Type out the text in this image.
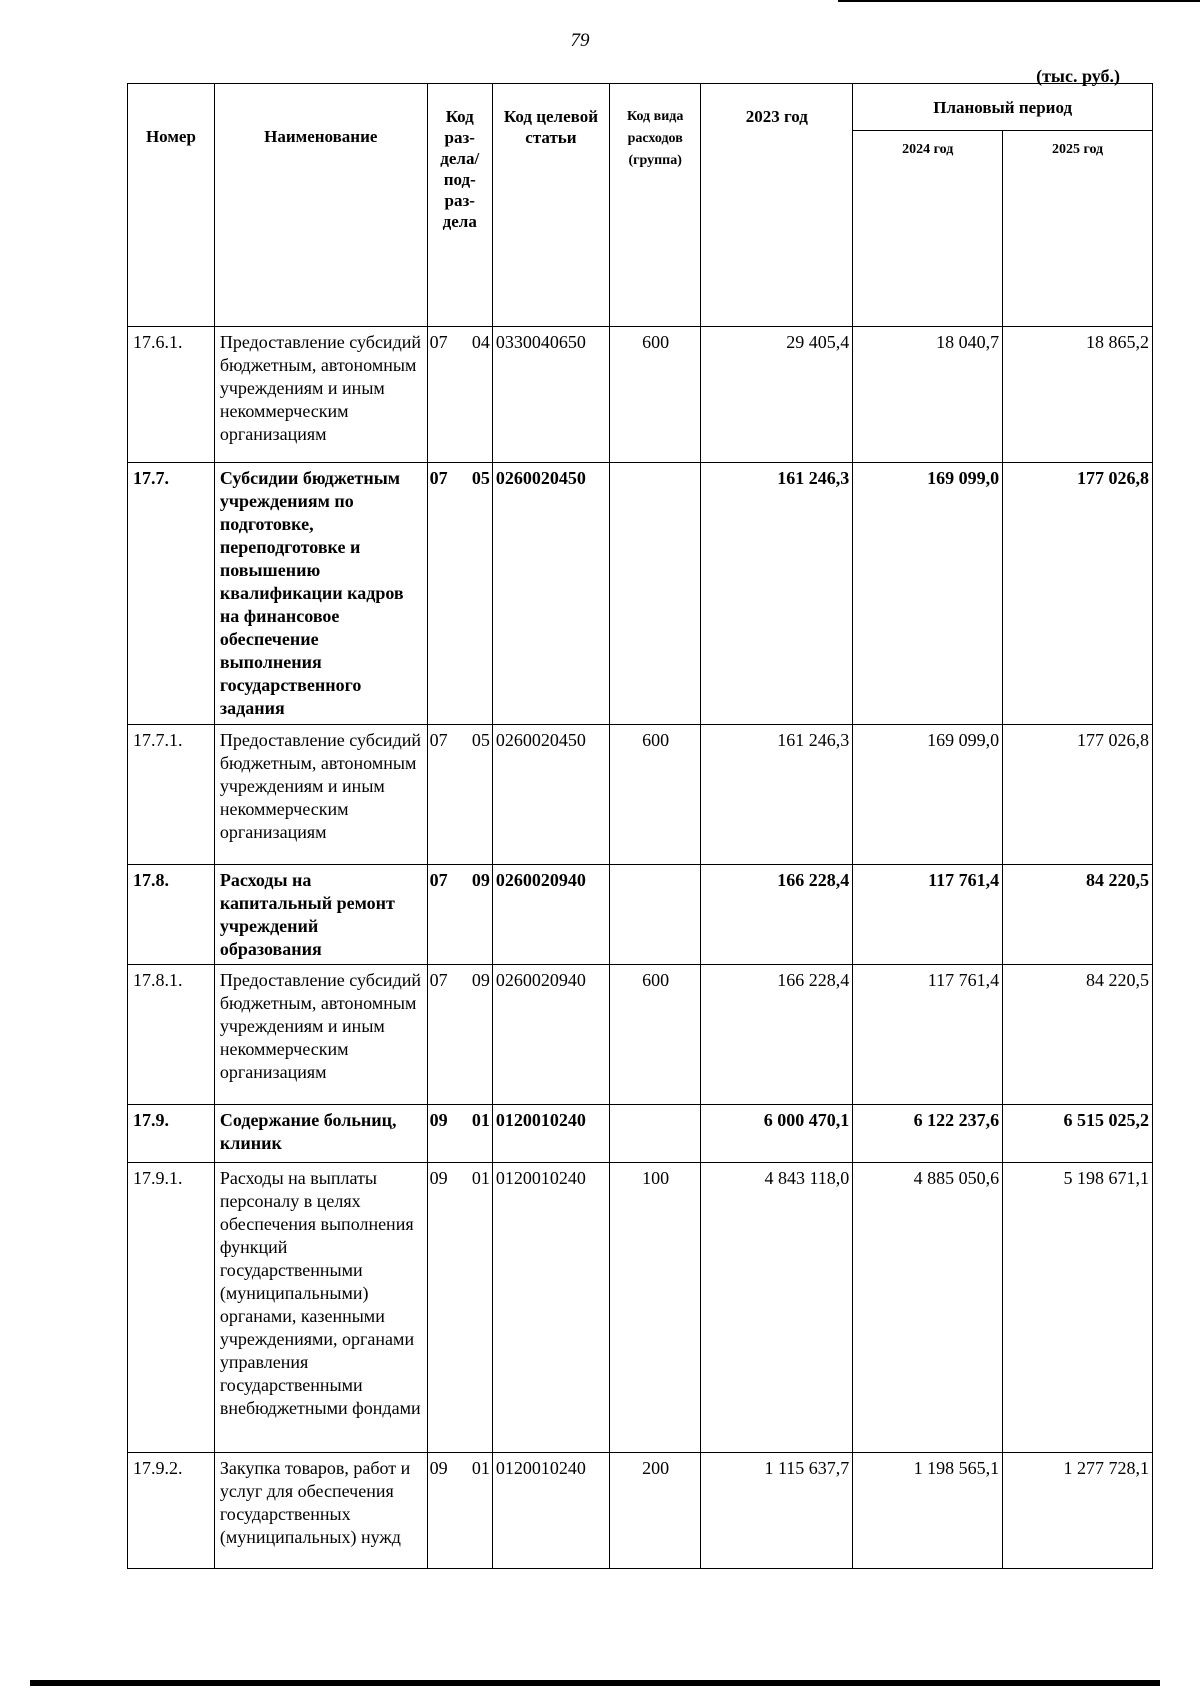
79
(тыс. руб.)
Номер	Наименование	Код раз-дела/ под-раз-дела	Код целевой статьи	Код вида расходов (группа)	2023 год	Плановый период	
						2024 год	2025 год
17.6.1.	Предоставление субсидий бюджетным, автономным учреждениям и иным некоммерческим организациям	07 04	0330040650	600	29 405,4	18 040,7	18 865,2
17.7.	Субсидии бюджетным учреждениям по подготовке, переподготовке и повышению квалификации кадров на финансовое обеспечение выполнения государственного задания	07 05	0260020450		161 246,3	169 099,0	177 026,8
17.7.1.	Предоставление субсидий бюджетным, автономным учреждениям и иным некоммерческим организациям	07 05	0260020450	600	161 246,3	169 099,0	177 026,8
17.8.	Расходы на капитальный ремонт учреждений образования	07 09	0260020940		166 228,4	117 761,4	84 220,5
17.8.1.	Предоставление субсидий бюджетным, автономным учреждениям и иным некоммерческим организациям	07 09	0260020940	600	166 228,4	117 761,4	84 220,5
17.9.	Содержание больниц, клиник	09 01	0120010240		6 000 470,1	6 122 237,6	6 515 025,2
17.9.1.	Расходы на выплаты персоналу в целях обеспечения выполнения функций государственными (муниципальными) органами, казенными учреждениями, органами управления государственными внебюджетными фондами	09 01	0120010240	100	4 843 118,0	4 885 050,6	5 198 671,1
17.9.2.	Закупка товаров, работ и услуг для обеспечения государственных (муниципальных) нужд	09 01	0120010240	200	1 115 637,7	1 198 565,1	1 277 728,1
